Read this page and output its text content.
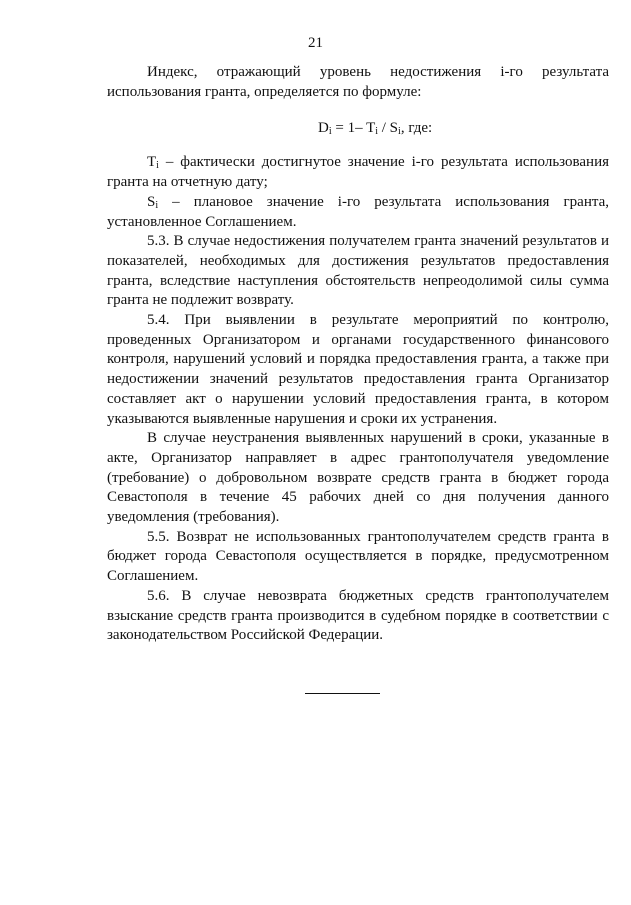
21

Индекс, отражающий уровень недостижения i-го результата использования гранта, определяется по формуле:

$D_i = 1-$ $T_i / S_i$, где:

$T_i$ – фактически достигнутое значение i-го результата использования гранта на отчетную дату;

$S_i$ – плановое значение i-го результата использования гранта, установленное Соглашением.

5.3. В случае недостижения получателем гранта значений результатов и показателей, необходимых для достижения результатов предоставления гранта, вследствие наступления обстоятельств непреодолимой силы сумма гранта не подлежит возврату.

5.4. При выявлении в результате мероприятий по контролю, проведенных Организатором и органами государственного финансового контроля, нарушений условий и порядка предоставления гранта, а также при недостижении значений результатов предоставления гранта Организатор составляет акт о нарушении условий предоставления гранта, в котором указываются выявленные нарушения и сроки их устранения.

В случае неустранения выявленных нарушений в сроки, указанные в акте, Организатор направляет в адрес грантополучателя уведомление (требование) о добровольном возврате средств гранта в бюджет города Севастополя в течение 45 рабочих дней со дня получения данного уведомления (требования).

5.5. Возврат не использованных грантополучателем средств гранта в бюджет города Севастополя осуществляется в порядке, предусмотренном Соглашением.

5.6. В случае невозврата бюджетных средств грантополучателем взыскание средств гранта производится в судебном порядке в соответствии с законодательством Российской Федерации.
